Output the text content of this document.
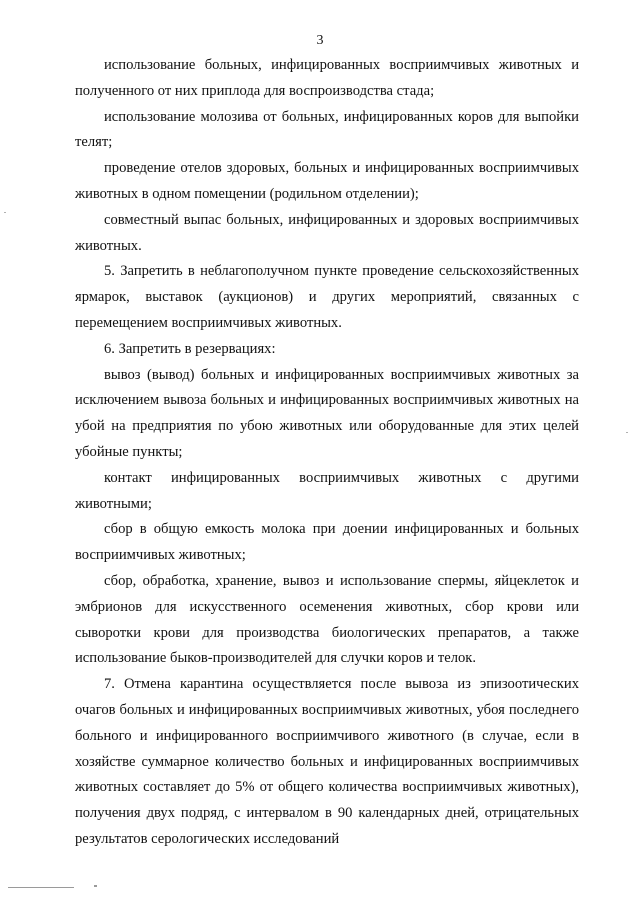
3

использование больных, инфицированных восприимчивых животных и полученного от них приплода для воспроизводства стада;

использование молозива от больных, инфицированных коров для выпойки телят;

проведение отелов здоровых, больных и инфицированных восприимчивых животных в одном помещении (родильном отделении);

совместный выпас больных, инфицированных и здоровых восприимчивых животных.

5. Запретить в неблагополучном пункте проведение сельскохозяйственных ярмарок, выставок (аукционов) и других мероприятий, связанных с перемещением восприимчивых животных.

6. Запретить в резервациях:

вывоз (вывод) больных и инфицированных восприимчивых животных за исключением вывоза больных и инфицированных восприимчивых животных на убой на предприятия по убою животных или оборудованные для этих целей убойные пункты;

контакт инфицированных восприимчивых животных с другими животными;

сбор в общую емкость молока при доении инфицированных и больных восприимчивых животных;

сбор, обработка, хранение, вывоз и использование спермы, яйцеклеток и эмбрионов для искусственного осеменения животных, сбор крови или сыворотки крови для производства биологических препаратов, а также использование быков-производителей для случки коров и телок.

7. Отмена карантина осуществляется после вывоза из эпизоотических очагов больных и инфицированных восприимчивых животных, убоя последнего больного и инфицированного восприимчивого животного (в случае, если в хозяйстве суммарное количество больных и инфицированных восприимчивых животных составляет до 5% от общего количества восприимчивых животных), получения двух подряд, с интервалом в 90 календарных дней, отрицательных результатов серологических исследований
